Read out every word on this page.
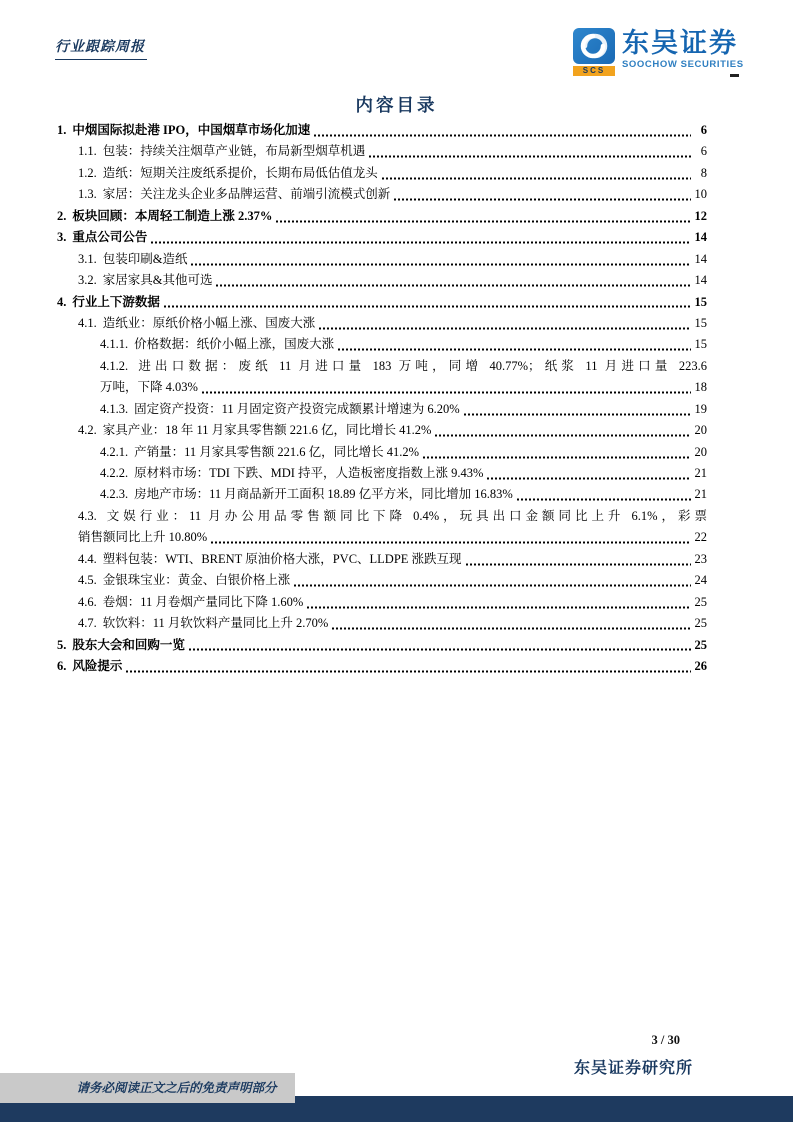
行业跟踪周报
SCS
东吴证券
SOOCHOW SECURITIES
内容目录
1. 中烟国际拟赴港 IPO，中国烟草市场化加速	6
1.1. 包装：持续关注烟草产业链，布局新型烟草机遇	6
1.2. 造纸：短期关注废纸系提价，长期布局低估值龙头	8
1.3. 家居：关注龙头企业多品牌运营、前端引流模式创新	10
2. 板块回顾：本周轻工制造上涨 2.37%	12
3. 重点公司公告	14
3.1. 包装印刷&造纸	14
3.2. 家居家具&其他可选	14
4. 行业上下游数据	15
4.1. 造纸业：原纸价格小幅上涨、国废大涨	15
4.1.1. 价格数据：纸价小幅上涨，国废大涨	15
4.1.2. 进出口数据：废纸 11 月进口量 183 万吨，同增 40.77%；纸浆 11 月进口量 223.6
万吨，下降 4.03%	18
4.1.3. 固定资产投资：11 月固定资产投资完成额累计增速为 6.20%	19
4.2. 家具产业：18 年 11 月家具零售额 221.6 亿，同比增长 41.2%	20
4.2.1. 产销量：11 月家具零售额 221.6 亿，同比增长 41.2%	20
4.2.2. 原材料市场：TDI 下跌、MDI 持平，人造板密度指数上涨 9.43%	21
4.2.3. 房地产市场：11 月商品新开工面积 18.89 亿平方米，同比增加 16.83%	21
4.3. 文娱行业：11 月办公用品零售额同比下降 0.4%，玩具出口金额同比上升 6.1%，彩票
销售额同比上升 10.80%	22
4.4. 塑料包装：WTI、BRENT 原油价格大涨，PVC、LLDPE 涨跌互现	23
4.5. 金银珠宝业：黄金、白银价格上涨	24
4.6. 卷烟：11 月卷烟产量同比下降 1.60%	25
4.7. 软饮料：11 月软饮料产量同比上升 2.70%	25
5. 股东大会和回购一览	25
6. 风险提示	26
3 / 30
东吴证券研究所
请务必阅读正文之后的免责声明部分
